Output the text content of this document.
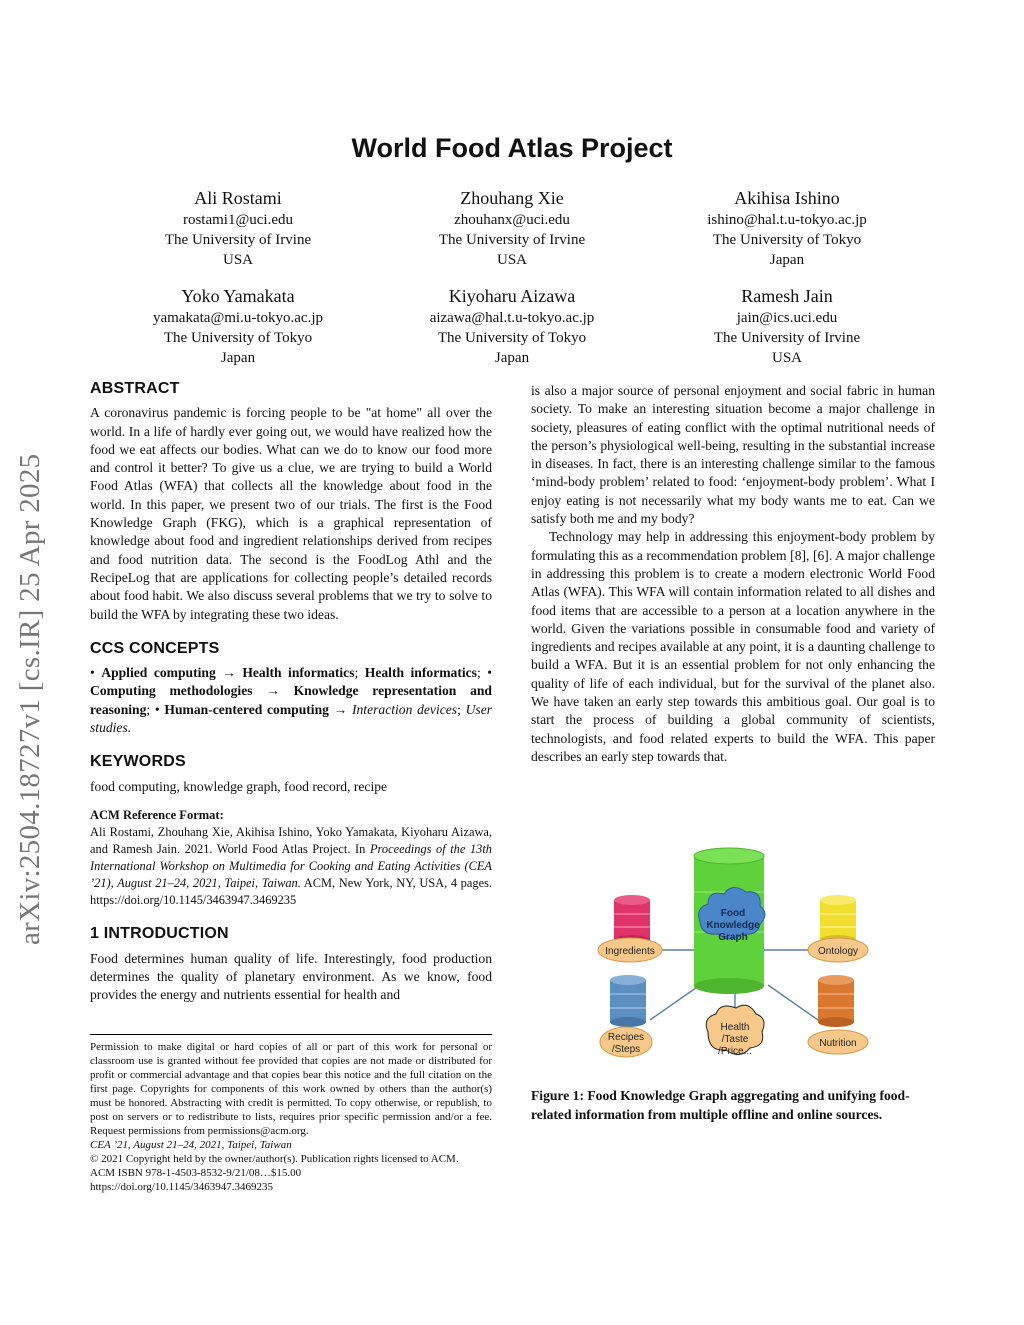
arXiv:2504.18727v1 [cs.IR] 25 Apr 2025
World Food Atlas Project
Ali Rostami
rostami1@uci.edu
The University of Irvine
USA
Zhouhang Xie
zhouhanx@uci.edu
The University of Irvine
USA
Akihisa Ishino
ishino@hal.t.u-tokyo.ac.jp
The University of Tokyo
Japan
Yoko Yamakata
yamakata@mi.u-tokyo.ac.jp
The University of Tokyo
Japan
Kiyoharu Aizawa
aizawa@hal.t.u-tokyo.ac.jp
The University of Tokyo
Japan
Ramesh Jain
jain@ics.uci.edu
The University of Irvine
USA
ABSTRACT

A coronavirus pandemic is forcing people to be "at home" all over the world. In a life of hardly ever going out, we would have realized how the food we eat affects our bodies. What can we do to know our food more and control it better? To give us a clue, we are trying to build a World Food Atlas (WFA) that collects all the knowledge about food in the world. In this paper, we present two of our trials. The first is the Food Knowledge Graph (FKG), which is a graphical representation of knowledge about food and ingredient relationships derived from recipes and food nutrition data. The second is the FoodLog Athl and the RecipeLog that are applications for collecting people’s detailed records about food habit. We also discuss several problems that we try to solve to build the WFA by integrating these two ideas.

CCS CONCEPTS

• Applied computing → Health informatics; Health informatics; • Computing methodologies → Knowledge representation and reasoning; • Human-centered computing → Interaction devices; User studies.

KEYWORDS

food computing, knowledge graph, food record, recipe

ACM Reference Format:

Ali Rostami, Zhouhang Xie, Akihisa Ishino, Yoko Yamakata, Kiyoharu Aizawa, and Ramesh Jain. 2021. World Food Atlas Project. In Proceedings of the 13th International Workshop on Multimedia for Cooking and Eating Activities (CEA ’21), August 21–24, 2021, Taipei, Taiwan. ACM, New York, NY, USA, 4 pages. https://doi.org/10.1145/3463947.3469235

1 INTRODUCTION

Food determines human quality of life. Interestingly, food production determines the quality of planetary environment. As we know, food provides the energy and nutrients essential for health and

Permission to make digital or hard copies of all or part of this work for personal or classroom use is granted without fee provided that copies are not made or distributed for profit or commercial advantage and that copies bear this notice and the full citation on the first page. Copyrights for components of this work owned by others than the author(s) must be honored. Abstracting with credit is permitted. To copy otherwise, or republish, to post on servers or to redistribute to lists, requires prior specific permission and/or a fee. Request permissions from permissions@acm.org.

CEA ’21, August 21–24, 2021, Taipei, Taiwan

© 2021 Copyright held by the owner/author(s). Publication rights licensed to ACM.

ACM ISBN 978-1-4503-8532-9/21/08…$15.00

https://doi.org/10.1145/3463947.3469235

is also a major source of personal enjoyment and social fabric in human society. To make an interesting situation become a major challenge in society, pleasures of eating conflict with the optimal nutritional needs of the person’s physiological well-being, resulting in the substantial increase in diseases. In fact, there is an interesting challenge similar to the famous ‘mind-body problem’ related to food: ‘enjoyment-body problem’. What I enjoy eating is not necessarily what my body wants me to eat. Can we satisfy both me and my body?

Technology may help in addressing this enjoyment-body problem by formulating this as a recommendation problem [8], [6]. A major challenge in addressing this problem is to create a modern electronic World Food Atlas (WFA). This WFA will contain information related to all dishes and food items that are accessible to a person at a location anywhere in the world. Given the variations possible in consumable food and variety of ingredients and recipes available at any point, it is a daunting challenge to build a WFA. But it is an essential problem for not only enhancing the quality of life of each individual, but for the survival of the planet also. We have taken an early step towards this ambitious goal. Our goal is to start the process of building a global community of scientists, technologists, and food related experts to build the WFA. This paper describes an early step towards that.

Food
Knowledge
Graph
Ingredients	Ontology
Recipes
/Steps
Health
/Taste
/Price...
Nutrition
Figure 1: Food Knowledge Graph aggregating and unifying food-related information from multiple offline and online sources.
